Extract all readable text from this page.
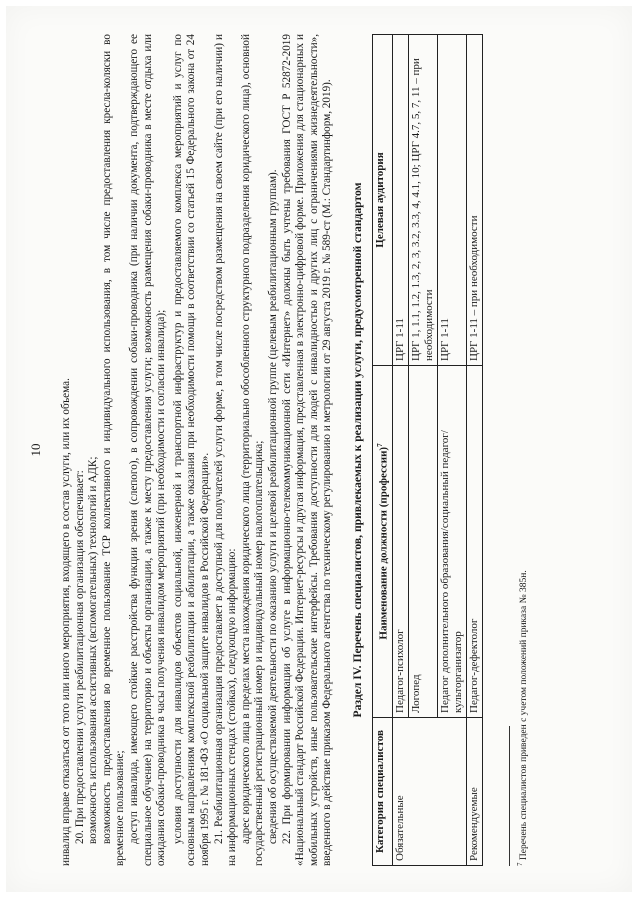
10 инвалид вправе отказаться от того или иного мероприятия, входящего в состав услуги, или их объема. 20. При предоставлении услуги реабилитационная организация обеспечивает: возможность использования ассистивных (вспомогательных) технологий и АДК; возможность предоставления во временное пользование ТСР коллективного и индивидуального использования, в том числе предоставления кресла-коляски во временное пользование; доступ инвалида, имеющего стойкие расстройства функции зрения (слепого), в сопровождении собаки-проводника (при наличии документа, подтверждающего ее специальное обучение) на территорию и объекты организации, а также к месту предоставления услуги; возможность размещения собаки-проводника в месте отдыха или ожидания собаки-проводника в часы получения инвалидом мероприятий (при необходимости и согласии инвалида); условия доступности для инвалидов объектов социальной, инженерной и транспортной инфраструктур и предоставляемого комплекса мероприятий и услуг по основным направлениям комплексной реабилитации и абилитации, а также оказания при необходимости помощи в соответствии со статьей 15 Федерального закона от 24 ноября 1995 г. № 181-ФЗ «О социальной защите инвалидов в Российской Федерации». 21. Реабилитационная организация предоставляет в доступной для получателей услуги форме, в том числе посредством размещения на своем сайте (при его наличии) и на информационных стендах (стойках), следующую информацию: адрес юридического лица в пределах места нахождения юридического лица (территориально обособленного структурного подразделения юридического лица), основной государственный регистрационный номер и индивидуальный номер налогоплательщика; сведения об осуществляемой деятельности по оказанию услуги и целевой реабилитационной группе (целевым реабилитационным группам). 22. При формировании информации об услуге в информационно-телекоммуникационной сети «Интернет» должны быть учтены требования ГОСТ Р 52872-2019 «Национальный стандарт Российской Федерации. Интернет-ресурсы и другая информация, представленная в электронно-цифровой форме. Приложения для стационарных и мобильных устройств, иные пользовательские интерфейсы. Требования доступности для людей с инвалидностью и других лиц с ограничениями жизнедеятельности», введенного в действие приказом Федерального агентства по техническому регулированию и метрологии от 29 августа 2019 г. № 589-ст (М.: Стандартинформ, 2019). Раздел IV. Перечень специалистов, привлекаемых к реализации услуги, предусмотренной стандартом
Категория специалистов	Наименование должности (профессии)$^7$	Целевая аудитория
Обязательные	Педагог-психолог	ЦРГ 1-11
	Логопед	ЦРГ 1, 1.1, 1.2, 1.3, 2, 3, 3.2, 3.3, 4, 4.1, 10; ЦРГ 4.7, 5, 7, 11 – при необходимости
	Педагог дополнительного образования/социальный педагог/культорганизатор	ЦРГ 1-11
Рекомендуемые	Педагог-дефектолог	ЦРГ 1-11 – при необходимости
$^7$ Перечень специалистов приведен с учетом положений приказа № 385н.
